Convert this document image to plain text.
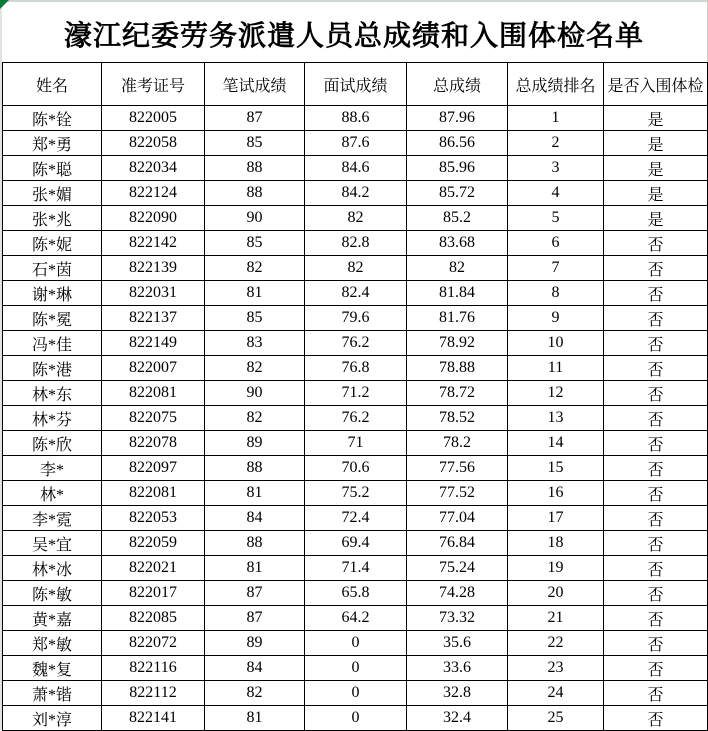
濠江纪委劳务派遣人员总成绩和入围体检名单
姓名	准考证号	笔试成绩	面试成绩	总成绩	总成绩排名	是否入围体检
陈*铨	822005	87	88.6	87.96	1	是
郑*勇	822058	85	87.6	86.56	2	是
陈*聪	822034	88	84.6	85.96	3	是
张*媚	822124	88	84.2	85.72	4	是
张*兆	822090	90	82	85.2	5	是
陈*妮	822142	85	82.8	83.68	6	否
石*茵	822139	82	82	82	7	否
谢*琳	822031	81	82.4	81.84	8	否
陈*冕	822137	85	79.6	81.76	9	否
冯*佳	822149	83	76.2	78.92	10	否
陈*港	822007	82	76.8	78.88	11	否
林*东	822081	90	71.2	78.72	12	否
林*芬	822075	82	76.2	78.52	13	否
陈*欣	822078	89	71	78.2	14	否
李*	822097	88	70.6	77.56	15	否
林*	822081	81	75.2	77.52	16	否
李*霓	822053	84	72.4	77.04	17	否
吴*宜	822059	88	69.4	76.84	18	否
林*冰	822021	81	71.4	75.24	19	否
陈*敏	822017	87	65.8	74.28	20	否
黄*嘉	822085	87	64.2	73.32	21	否
郑*敏	822072	89	0	35.6	22	否
魏*复	822116	84	0	33.6	23	否
萧*锴	822112	82	0	32.8	24	否
刘*淳	822141	81	0	32.4	25	否
